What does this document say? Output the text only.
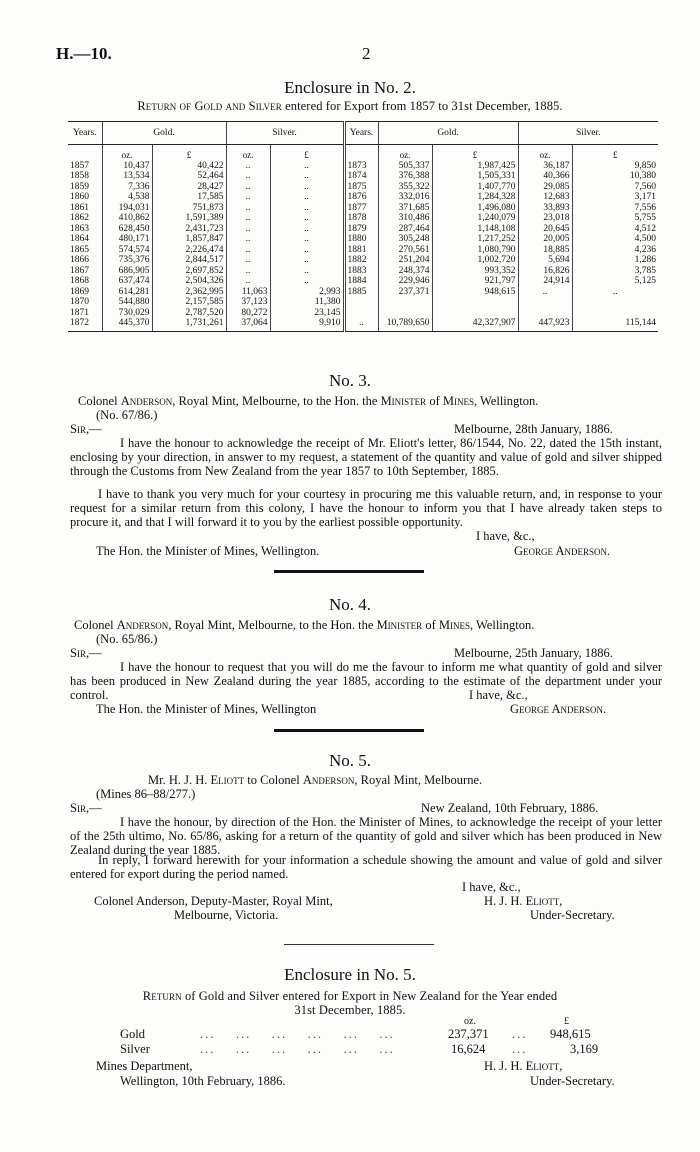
H.—10.	2
Enclosure in No. 2.
Return of Gold and Silver entered for Export from 1857 to 31st December, 1885.
Years.	Gold.		Silver.		Years.	Gold.		Silver.	
	oz.	£	oz.	£		oz.	£	oz.	£
1857	10,437	40,422	..	..	1873	505,337	1,987,425	36,187	9,850
1858	13,534	52,464	..	..	1874	376,388	1,505,331	40,366	10,380
1859	7,336	28,427	..	..	1875	355,322	1,407,770	29,085	7,560
1860	4,538	17,585	..	..	1876	332,016	1,284,328	12,683	3,171
1861	194,031	751,873	..	..	1877	371,685	1,496,080	33,893	7,556
1862	410,862	1,591,389	..	..	1878	310,486	1,240,079	23,018	5,755
1863	628,450	2,431,723	..	..	1879	287,464	1,148,108	20,645	4,512
1864	480,171	1,857,847	..	..	1880	305,248	1,217,252	20,005	4,500
1865	574,574	2,226,474	..	..	1881	270,561	1,080,790	18,885	4,236
1866	735,376	2,844,517	..	..	1882	251,204	1,002,720	5,694	1,286
1867	686,905	2,697,852	..	..	1883	248,374	993,352	16,826	3,785
1868	637,474	2,504,326	..	..	1884	229,946	921,797	24,914	5,125
1869	614,281	2,362,995	11,063	2,993	1885	237,371	948,615	..	..
1870	544,880	2,157,585	37,123	11,380					
1871	730,029	2,787,520	80,272	23,145					
1872	445,370	1,731,261	37,064	9,910	..	10,789,650	42,327,907	447,923	115,144
No. 3.
Colonel Anderson, Royal Mint, Melbourne, to the Hon. the Minister of Mines, Wellington.
(No. 67/86.)
Sir,—	Melbourne, 28th January, 1886.
I have the honour to acknowledge the receipt of Mr. Eliott's letter, 86/1544, No. 22, dated the 15th instant, enclosing by your direction, in answer to my request, a statement of the quantity and value of gold and silver shipped through the Customs from New Zealand from the year 1857 to 10th September, 1885.
I have to thank you very much for your courtesy in procuring me this valuable return, and, in response to your request for a similar return from this colony, I have the honour to inform you that I have already taken steps to procure it, and that I will forward it to you by the earliest possible opportunity.
I have, &c.,
The Hon. the Minister of Mines, Wellington.	George Anderson.
No. 4.
Colonel Anderson, Royal Mint, Melbourne, to the Hon. the Minister of Mines, Wellington.
(No. 65/86.)
Sir,—	Melbourne, 25th January, 1886.
I have the honour to request that you will do me the favour to inform me what quantity of gold and silver has been produced in New Zealand during the year 1885, according to the estimate of the department under your control.	I have, &c.,
The Hon. the Minister of Mines, Wellington	George Anderson.
No. 5.
Mr. H. J. H. Eliott to Colonel Anderson, Royal Mint, Melbourne.
(Mines 86–88/277.)
Sir,—	New Zealand, 10th February, 1886.
I have the honour, by direction of the Hon. the Minister of Mines, to acknowledge the receipt of your letter of the 25th ultimo, No. 65/86, asking for a return of the quantity of gold and silver which has been produced in New Zealand during the year 1885.
In reply, I forward herewith for your information a schedule showing the amount and value of gold and silver entered for export during the period named.
I have, &c.,
Colonel Anderson, Deputy-Master, Royal Mint,	H. J. H. Eliott,
Melbourne, Victoria.	Under-Secretary.
Enclosure in No. 5.
Return of Gold and Silver entered for Export in New Zealand for the Year ended
31st December, 1885.
oz.	£
Gold	...    ...    ...    ...    ...    ...	237,371 ... 948,615
Silver	...    ...    ...    ...    ...    ...	16,624 ...	3,169
Mines Department,	H. J. H. Eliott,
Wellington, 10th February, 1886.	Under-Secretary.
